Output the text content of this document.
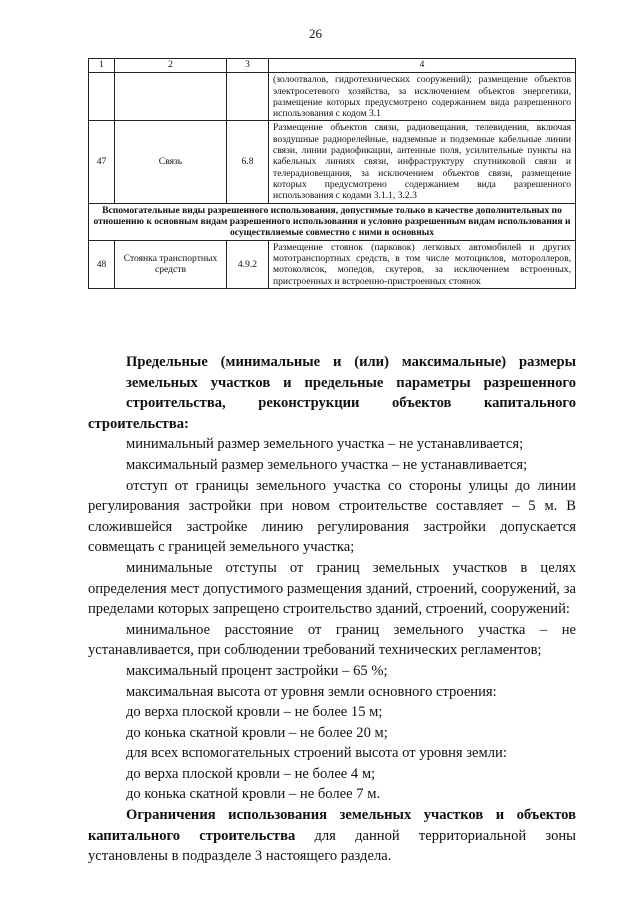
26
1	2	3	4
			(золоотвалов, гидротехнических сооружений); размещение объектов электросетевого хозяйства, за исключением объектов энергетики, размещение которых предусмотрено содержанием вида разрешенного использования с кодом 3.1
47	Связь	6.8	Размещение объектов связи, радиовещания, телевидения, включая воздушные радиорелейные, надземные и подземные кабельные линии связи, линии радиофикации, антенные поля, усилительные пункты на кабельных линиях связи, инфраструктуру спутниковой связи и телерадиовещания, за исключением объектов связи, размещение которых предусмотрено содержанием вида разрешенного использования с кодами 3.1.1, 3.2.3
Вспомогательные виды разрешенного использования, допустимые только в качестве дополнительных по отношению к основным видам разрешенного использования и условно разрешенным видам использования и осуществляемые совместно с ними в основных			
48	Стоянка транспортных средств	4.9.2	Размещение стоянок (парковок) легковых автомобилей и других мототранспортных средств, в том числе мотоциклов, мотороллеров, мотоколясок, мопедов, скутеров, за исключением встроенных, пристроенных и встроенно-пристроенных стоянок

Предельные (минимальные и (или) максимальные) размеры
земельных участков и предельные параметры разрешенного
строительства, реконструкции объектов капитального строительства:

минимальный размер земельного участка – не устанавливается;

максимальный размер земельного участка – не устанавливается;

отступ от границы земельного участка со стороны улицы до линии регулирования застройки при новом строительстве составляет – 5 м. В сложившейся застройке линию регулирования застройки допускается совмещать с границей земельного участка;

минимальные отступы от границ земельных участков в целях определения мест допустимого размещения зданий, строений, сооружений, за пределами которых запрещено строительство зданий, строений, сооружений:

минимальное расстояние от границ земельного участка – не устанавливается, при соблюдении требований технических регламентов;

максимальный процент застройки – 65 %;

максимальная высота от уровня земли основного строения:

до верха плоской кровли – не более 15 м;

до конька скатной кровли – не более 20 м;

для всех вспомогательных строений высота от уровня земли:

до верха плоской кровли – не более 4 м;

до конька скатной кровли – не более 7 м.

Ограничения использования земельных участков и объектов капитального строительства для данной территориальной зоны установлены в подразделе 3 настоящего раздела.
